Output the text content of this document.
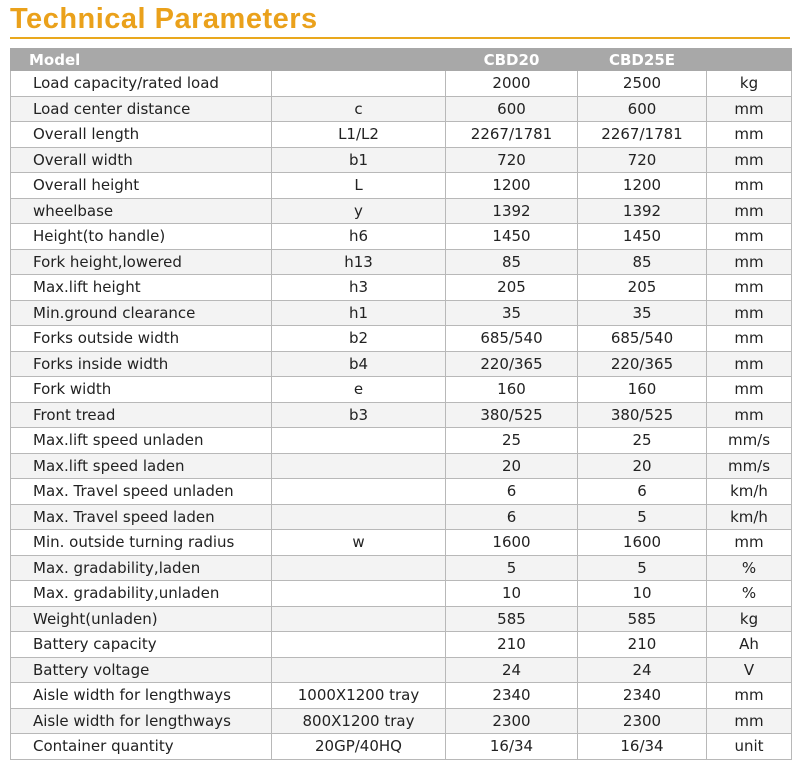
Technical Parameters
Model		CBD20	CBD25E	
Load capacity/rated load		2000	2500	kg
Load center distance	c	600	600	mm
Overall length	L1/L2	2267/1781	2267/1781	mm
Overall width	b1	720	720	mm
Overall height	L	1200	1200	mm
wheelbase	y	1392	1392	mm
Height(to handle)	h6	1450	1450	mm
Fork height,lowered	h13	85	85	mm
Max.lift height	h3	205	205	mm
Min.ground clearance	h1	35	35	mm
Forks outside width	b2	685/540	685/540	mm
Forks inside width	b4	220/365	220/365	mm
Fork width	e	160	160	mm
Front tread	b3	380/525	380/525	mm
Max.lift speed unladen		25	25	mm/s
Max.lift speed laden		20	20	mm/s
Max. Travel speed unladen		6	6	km/h
Max. Travel speed laden		6	5	km/h
Min. outside turning radius	w	1600	1600	mm
Max. gradability,laden		5	5	%
Max. gradability,unladen		10	10	%
Weight(unladen)		585	585	kg
Battery capacity		210	210	Ah
Battery voltage		24	24	V
Aisle width for lengthways	1000X1200 tray	2340	2340	mm
Aisle width for lengthways	800X1200 tray	2300	2300	mm
Container quantity	20GP/40HQ	16/34	16/34	unit
